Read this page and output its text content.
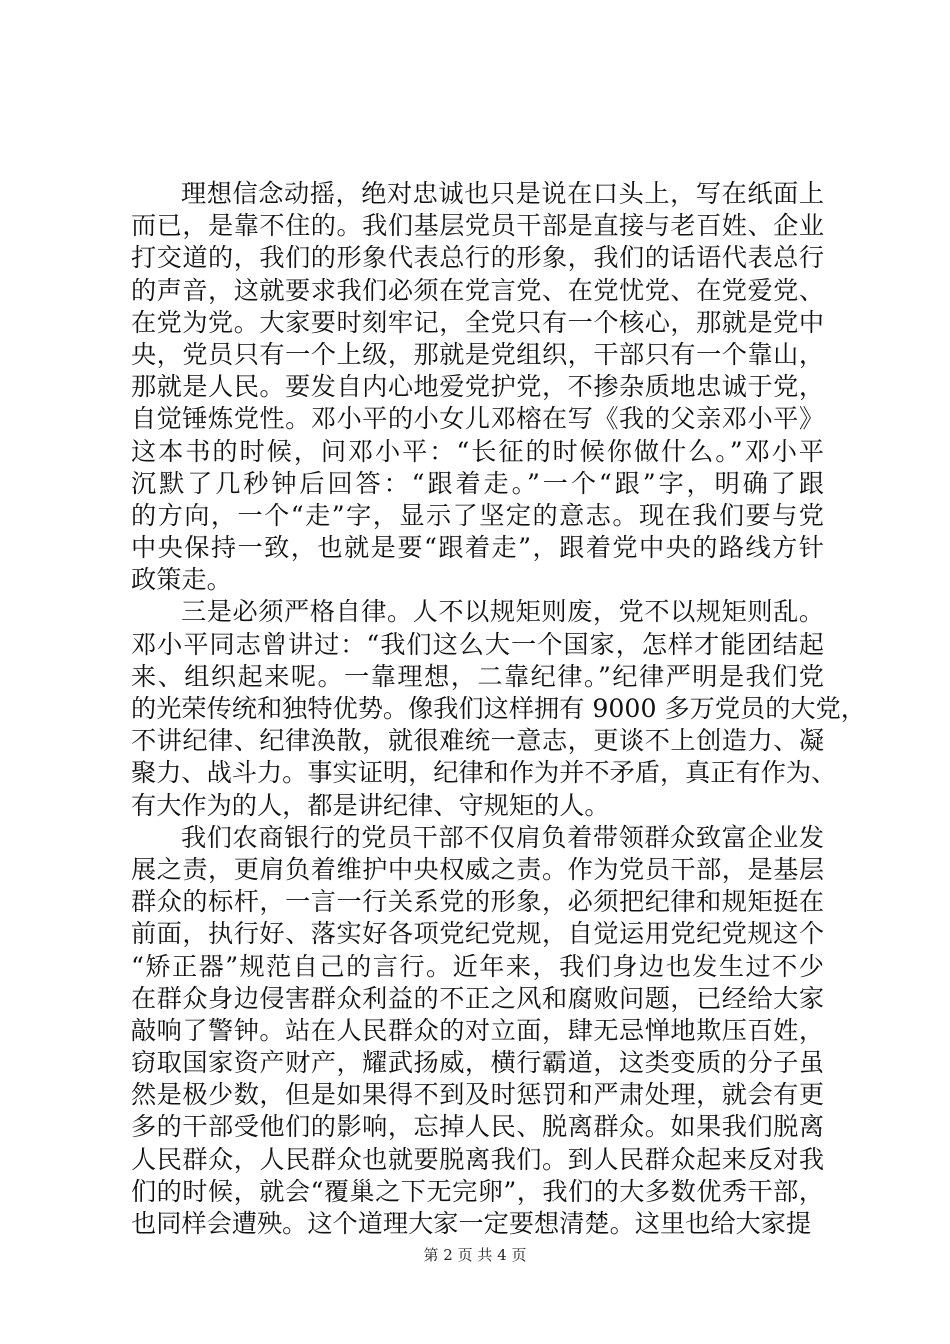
理想信念动摇，绝对忠诚也只是说在口头上，写在纸面上
而已，是靠不住的。我们基层党员干部是直接与老百姓、企业
打交道的，我们的形象代表总行的形象，我们的话语代表总行
的声音，这就要求我们必须在党言党、在党忧党、在党爱党、
在党为党。大家要时刻牢记，全党只有一个核心，那就是党中
央，党员只有一个上级，那就是党组织，干部只有一个靠山，
那就是人民。要发自内心地爱党护党，不掺杂质地忠诚于党，
自觉锤炼党性。邓小平的小女儿邓榕在写《我的父亲邓小平》
这本书的时候，问邓小平：“长征的时候你做什么。”邓小平
沉默了几秒钟后回答：“跟着走。”一个“跟”字，明确了跟
的方向，一个“走”字，显示了坚定的意志。现在我们要与党
中央保持一致，也就是要“跟着走”，跟着党中央的路线方针
政策走。
三是必须严格自律。人不以规矩则废，党不以规矩则乱。
邓小平同志曾讲过：“我们这么大一个国家，怎样才能团结起
来、组织起来呢。一靠理想，二靠纪律。”纪律严明是我们党
的光荣传统和独特优势。像我们这样拥有 9000 多万党员的大党，
不讲纪律、纪律涣散，就很难统一意志，更谈不上创造力、凝
聚力、战斗力。事实证明，纪律和作为并不矛盾，真正有作为、
有大作为的人，都是讲纪律、守规矩的人。
我们农商银行的党员干部不仅肩负着带领群众致富企业发
展之责，更肩负着维护中央权威之责。作为党员干部，是基层
群众的标杆，一言一行关系党的形象，必须把纪律和规矩挺在
前面，执行好、落实好各项党纪党规，自觉运用党纪党规这个
“矫正器”规范自己的言行。近年来，我们身边也发生过不少
在群众身边侵害群众利益的不正之风和腐败问题，已经给大家
敲响了警钟。站在人民群众的对立面，肆无忌惮地欺压百姓，
窃取国家资产财产，耀武扬威，横行霸道，这类变质的分子虽
然是极少数，但是如果得不到及时惩罚和严肃处理，就会有更
多的干部受他们的影响，忘掉人民、脱离群众。如果我们脱离
人民群众，人民群众也就要脱离我们。到人民群众起来反对我
们的时候，就会“覆巢之下无完卵”，我们的大多数优秀干部，
也同样会遭殃。这个道理大家一定要想清楚。这里也给大家提
第 2 页 共 4 页
